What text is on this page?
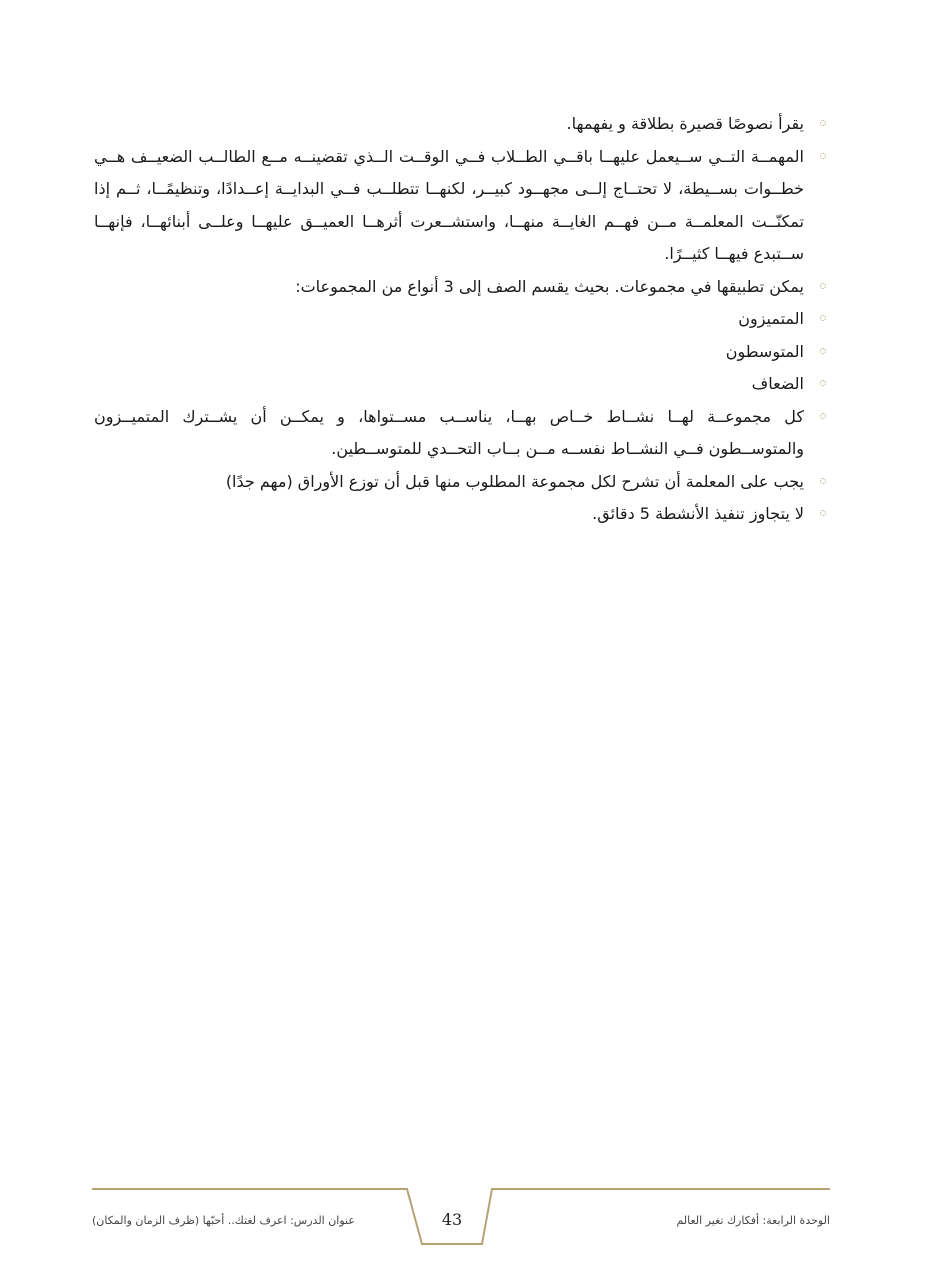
يقرأ نصوصًا قصيرة بطلاقة و يفهمها.
المهمــة التــي ســيعمل عليهــا باقــي الطــلاب فــي الوقــت الــذي تقضينــه مــع الطالــب الضعيــف هــي خطــوات بســيطة، لا تحتــاج إلــى مجهــود كبيــر، لكنهــا تتطلــب فــي البدايــة إعــدادًا، وتنظيمًــا، ثــم إذا تمكنّــت المعلمــة مــن فهــم الغايــة منهــا، واستشــعرت أثرهــا العميــق عليهــا وعلــى أبنائهــا، فإنهــا ســتبدع فيهــا كثيــرًا.
يمكن تطبيقها في مجموعات. بحيث يقسم الصف إلى 3 أنواع من المجموعات:
المتميزون
المتوسطون
الضعاف
كل مجموعــة لهــا نشــاط خــاص بهــا، يناســب مســتواها، و يمكــن أن يشــترك المتميــزون والمتوســطون فــي النشــاط نفســه مــن بــاب التحــدي للمتوســطين.
يجب على المعلمة أن تشرح لكل مجموعة المطلوب منها قبل أن توزع الأوراق (مهم جدًا)
لا يتجاوز تنفيذ الأنشطة 5 دقائق.
الوحدة الرابعة: أفكارك تغير العالم
عنوان الدرس: اعرف لغتك.. أحبّها (ظرف الزمان والمكان)	43
